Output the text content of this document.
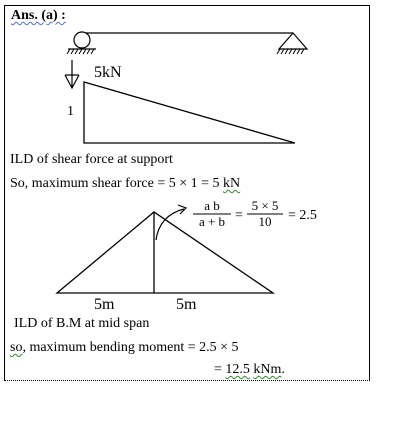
Ans. (a) :
5kN
1
a b
a + b =
5 × 5
10 = 2.5
5m	5m
ILD of shear force at support
So, maximum shear force = 5 × 1 = 5 kN
ILD of B.M at mid span
so, maximum bending moment = 2.5 × 5
= 12.5 kNm.
